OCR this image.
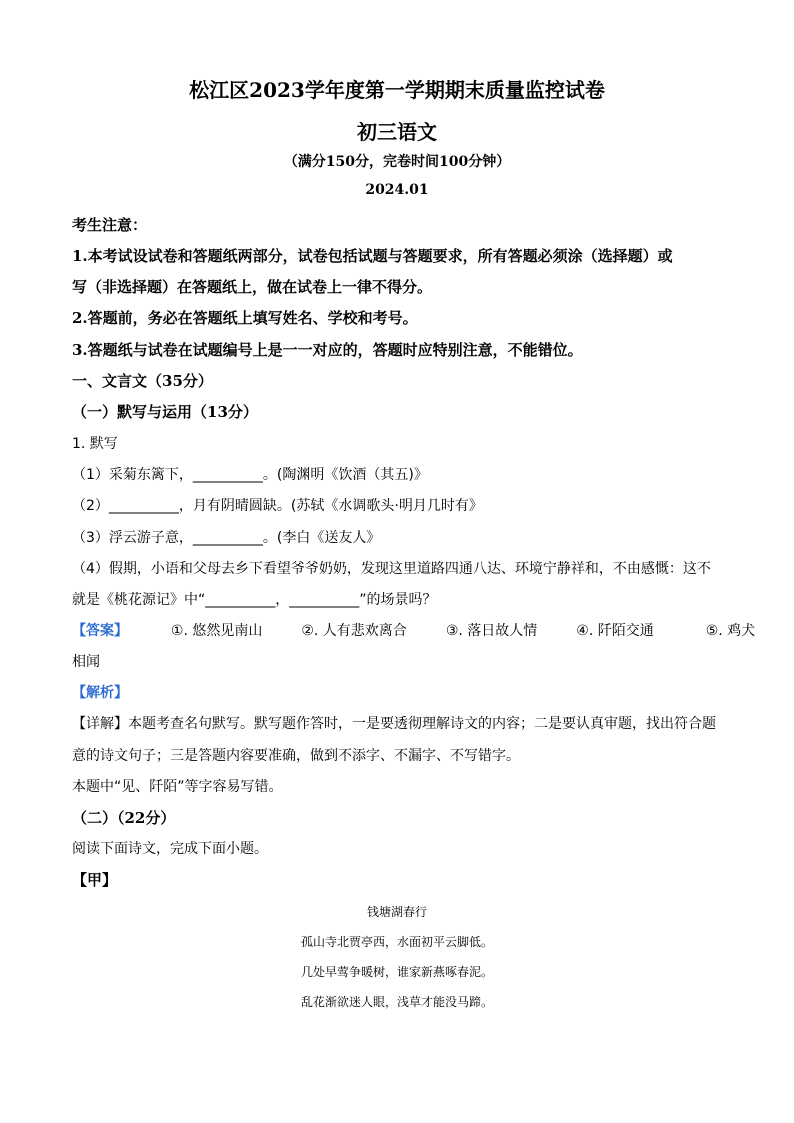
松江区2023学年度第一学期期末质量监控试卷
初三语文
（满分150分，完卷时间100分钟）
2024.01
考生注意：
1.本考试设试卷和答题纸两部分，试卷包括试题与答题要求，所有答题必须涂（选择题）或
写（非选择题）在答题纸上，做在试卷上一律不得分。
2.答题前，务必在答题纸上填写姓名、学校和考号。
3.答题纸与试卷在试题编号上是一一对应的，答题时应特别注意，不能错位。
一、文言文（35分）
（一）默写与运用（13分）
1. 默写
（1）采菊东篱下，__________。(陶渊明《饮酒（其五)》
（2）__________，月有阴晴圆缺。(苏轼《水调歌头·明月几时有》
（3）浮云游子意，__________。(李白《送友人》
（4）假期，小语和父母去乡下看望爷爷奶奶，发现这里道路四通八达、环境宁静祥和，不由感慨：这不
就是《桃花源记》中“__________，__________”的场景吗？
【答案】	①. 悠然见南山	②. 人有悲欢离合	③. 落日故人情	④. 阡陌交通	⑤. 鸡犬
相闻
【解析】
【详解】本题考查名句默写。默写题作答时，一是要透彻理解诗文的内容；二是要认真审题，找出符合题
意的诗文句子；三是答题内容要准确，做到不添字、不漏字、不写错字。
本题中“见、阡陌”等字容易写错。
（二）（22分）
阅读下面诗文，完成下面小题。
【甲】
钱塘湖春行
孤山寺北贾亭西，水面初平云脚低。
几处早莺争暖树，谁家新燕啄春泥。
乱花渐欲迷人眼，浅草才能没马蹄。
